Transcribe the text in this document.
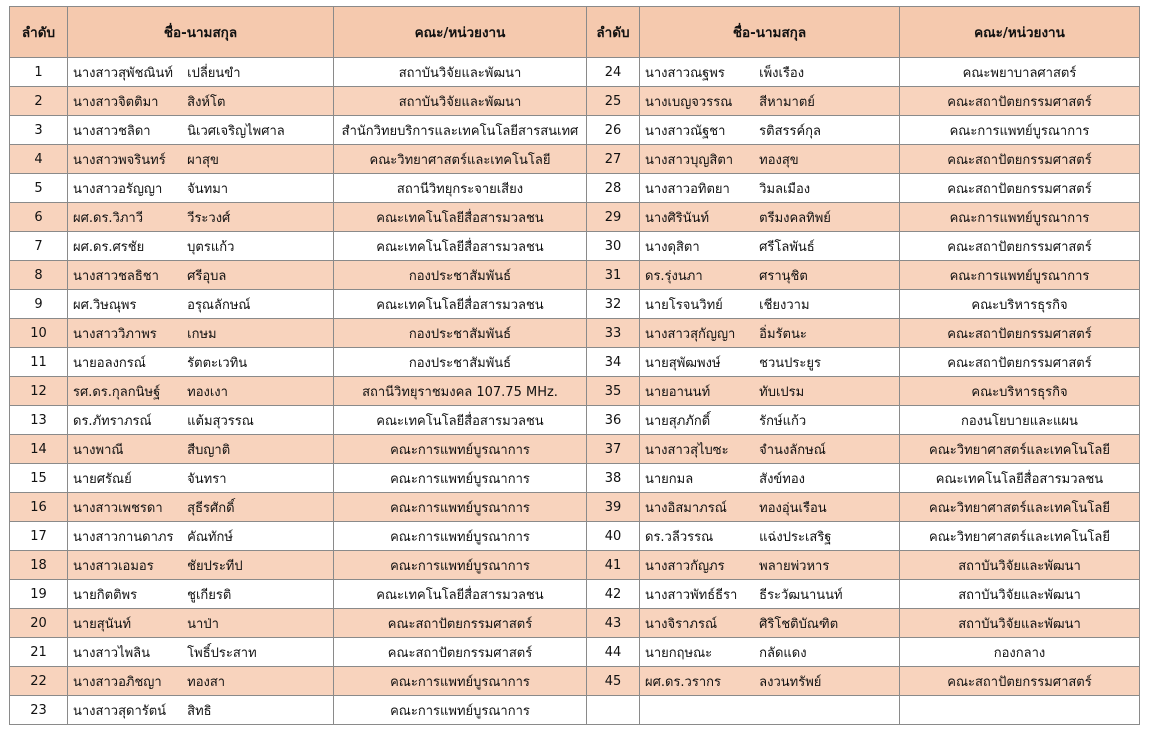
ลำดับ	ชื่อ-นามสกุล	คณะ/หน่วยงาน	ลำดับ	ชื่อ-นามสกุล	คณะ/หน่วยงาน
1	นางสาวสุพัชณินท์ เปลี่ยนขำ	สถาบันวิจัยและพัฒนา	24	นางสาวณฐพร เพ็งเรือง	คณะพยาบาลศาสตร์
2	นางสาวจิตติมา สิงห์โต	สถาบันวิจัยและพัฒนา	25	นางเบญจวรรณ สีหามาตย์	คณะสถาปัตยกรรมศาสตร์
3	นางสาวชลิดา นิเวศเจริญไพศาล	สำนักวิทยบริการและเทคโนโลยีสารสนเทศ	26	นางสาวณัฐชา รติสรรค์กุล	คณะการแพทย์บูรณาการ
4	นางสาวพจรินทร์ ผาสุข	คณะวิทยาศาสตร์และเทคโนโลยี	27	นางสาวบุญสิตา ทองสุข	คณะสถาปัตยกรรมศาสตร์
5	นางสาวอรัญญา จันทมา	สถานีวิทยุกระจายเสียง	28	นางสาวอทิตยา วิมลเมือง	คณะสถาปัตยกรรมศาสตร์
6	ผศ.ดร.วิภาวี วีระวงศ์	คณะเทคโนโลยีสื่อสารมวลชน	29	นางศิรินันท์ ตรีมงคลทิพย์	คณะการแพทย์บูรณาการ
7	ผศ.ดร.ศรชัย บุตรแก้ว	คณะเทคโนโลยีสื่อสารมวลชน	30	นางดุสิตา ศรีโลพันธ์	คณะสถาปัตยกรรมศาสตร์
8	นางสาวชลธิชา ศรีอุบล	กองประชาสัมพันธ์	31	ดร.รุ่งนภา ศรานุชิต	คณะการแพทย์บูรณาการ
9	ผศ.วิษณุพร อรุณลักษณ์	คณะเทคโนโลยีสื่อสารมวลชน	32	นายโรจนวิทย์ เชียงวาม	คณะบริหารธุรกิจ
10	นางสาววิภาพร เกษม	กองประชาสัมพันธ์	33	นางสาวสุกัญญา อิ่มรัตนะ	คณะสถาปัตยกรรมศาสตร์
11	นายอลงกรณ์ รัตตะเวทิน	กองประชาสัมพันธ์	34	นายสุพัฒพงษ์ ชวนประยูร	คณะสถาปัตยกรรมศาสตร์
12	รศ.ดร.กุลกนิษฐ์ ทองเงา	สถานีวิทยุราชมงคล 107.75 MHz.	35	นายอานนท์ ทับเปรม	คณะบริหารธุรกิจ
13	ดร.ภัทราภรณ์ แต้มสุวรรณ	คณะเทคโนโลยีสื่อสารมวลชน	36	นายสุภภักดิ์ รักษ์แก้ว	กองนโยบายและแผน
14	นางพาณี สืบญาติ	คณะการแพทย์บูรณาการ	37	นางสาวสุไบซะ จำนงลักษณ์	คณะวิทยาศาสตร์และเทคโนโลยี
15	นายศรัณย์ จันทรา	คณะการแพทย์บูรณาการ	38	นายกมล สังข์ทอง	คณะเทคโนโลยีสื่อสารมวลชน
16	นางสาวเพชรดา สุธีรศักดิ์	คณะการแพทย์บูรณาการ	39	นางอิสมาภรณ์ ทองอุ่นเรือน	คณะวิทยาศาสตร์และเทคโนโลยี
17	นางสาวกานดาภร คัณทักษ์	คณะการแพทย์บูรณาการ	40	ดร.วลีวรรณ แฉ่งประเสริฐ	คณะวิทยาศาสตร์และเทคโนโลยี
18	นางสาวเอมอร ชัยประทีป	คณะการแพทย์บูรณาการ	41	นางสาวกัญภร พลายพ่วหาร	สถาบันวิจัยและพัฒนา
19	นายกิตติพร ชูเกียรติ	คณะเทคโนโลยีสื่อสารมวลชน	42	นางสาวพัทธ์ธีรา ธีระวัฒนานนท์	สถาบันวิจัยและพัฒนา
20	นายสุนันท์ นาป่า	คณะสถาปัตยกรรมศาสตร์	43	นางจิราภรณ์ ศิริโชติบัณฑิต	สถาบันวิจัยและพัฒนา
21	นางสาวไพลิน โพธิ์ประสาท	คณะสถาปัตยกรรมศาสตร์	44	นายกฤษณะ กลัดแดง	กองกลาง
22	นางสาวอภิชญา ทองสา	คณะการแพทย์บูรณาการ	45	ผศ.ดร.วรากร ลงวนทรัพย์	คณะสถาปัตยกรรมศาสตร์
23	นางสาวสุดารัตน์ สิทธิ	คณะการแพทย์บูรณาการ			
